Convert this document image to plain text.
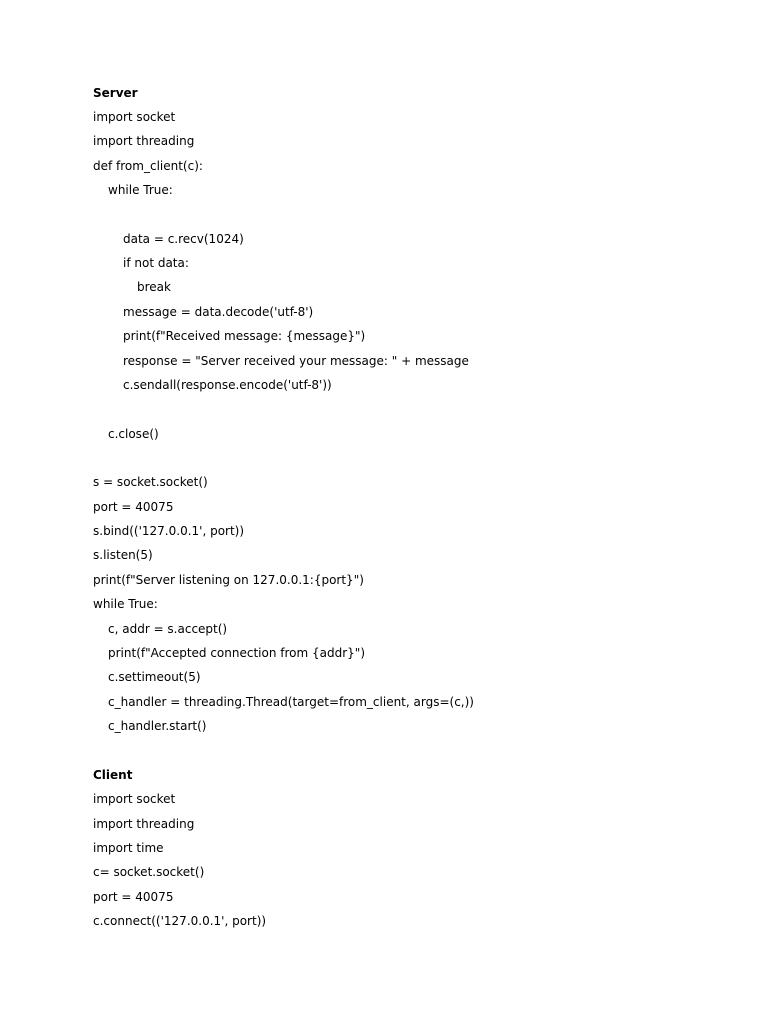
Server
import socket
import threading
def from_client(c):
while True:
data = c.recv(1024)
if not data:
break
message = data.decode('utf-8')
print(f"Received message: {message}")
response = "Server received your message: " + message
c.sendall(response.encode('utf-8'))
c.close()
s = socket.socket()
port = 40075
s.bind(('127.0.0.1', port))
s.listen(5)
print(f"Server listening on 127.0.0.1:{port}")
while True:
c, addr = s.accept()
print(f"Accepted connection from {addr}")
c.settimeout(5)
c_handler = threading.Thread(target=from_client, args=(c,))
c_handler.start()
Client
import socket
import threading
import time
c= socket.socket()
port = 40075
c.connect(('127.0.0.1', port))
